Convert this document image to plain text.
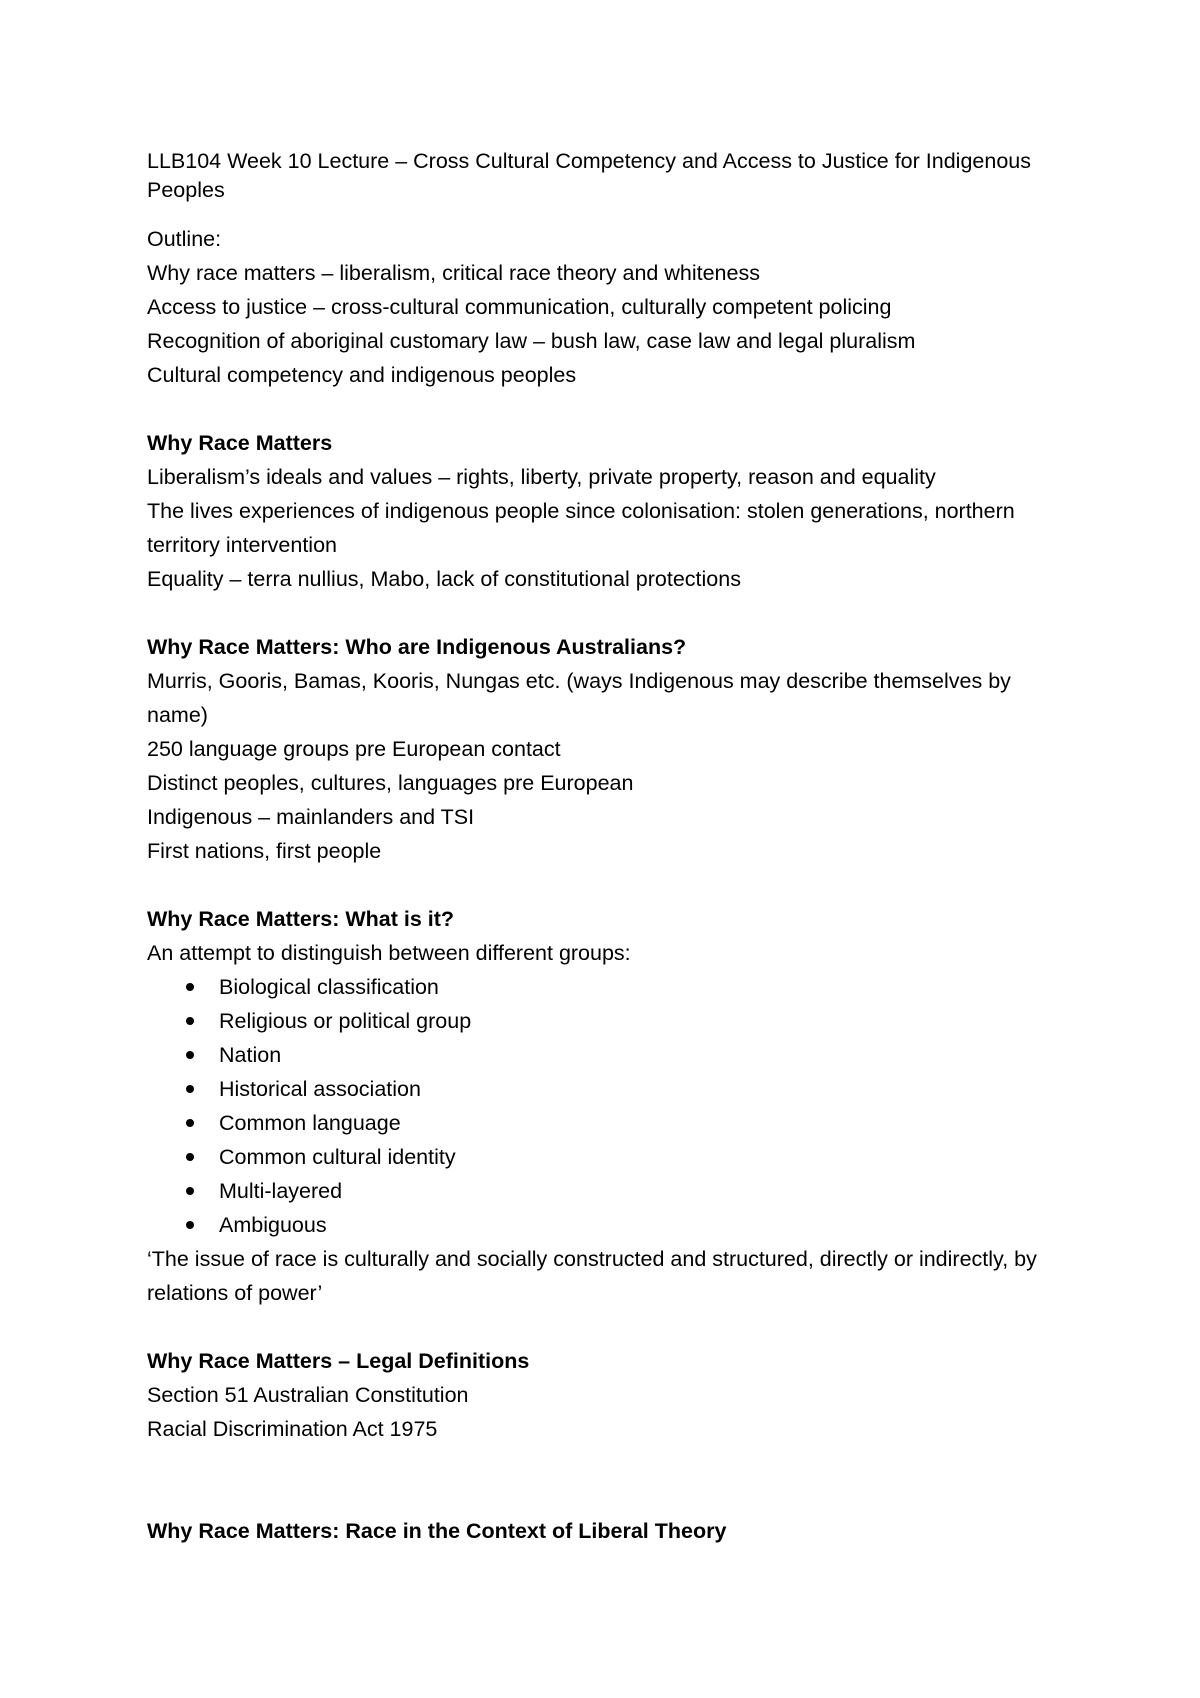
LLB104 Week 10 Lecture – Cross Cultural Competency and Access to Justice for Indigenous Peoples

Outline:

Why race matters – liberalism, critical race theory and whiteness

Access to justice – cross-cultural communication, culturally competent policing

Recognition of aboriginal customary law – bush law, case law and legal pluralism

Cultural competency and indigenous peoples

Why Race Matters

Liberalism’s ideals and values – rights, liberty, private property, reason and equality

The lives experiences of indigenous people since colonisation: stolen generations, northern territory intervention

Equality – terra nullius, Mabo, lack of constitutional protections

Why Race Matters: Who are Indigenous Australians?

Murris, Gooris, Bamas, Kooris, Nungas etc. (ways Indigenous may describe themselves by name)

250 language groups pre European contact

Distinct peoples, cultures, languages pre European

Indigenous – mainlanders and TSI

First nations, first people

Why Race Matters: What is it?

An attempt to distinguish between different groups:

Biological classification
Religious or political group
Nation
Historical association
Common language
Common cultural identity
Multi-layered
Ambiguous

‘The issue of race is culturally and socially constructed and structured, directly or indirectly, by relations of power’

Why Race Matters – Legal Definitions

Section 51 Australian Constitution

Racial Discrimination Act 1975

Why Race Matters: Race in the Context of Liberal Theory
